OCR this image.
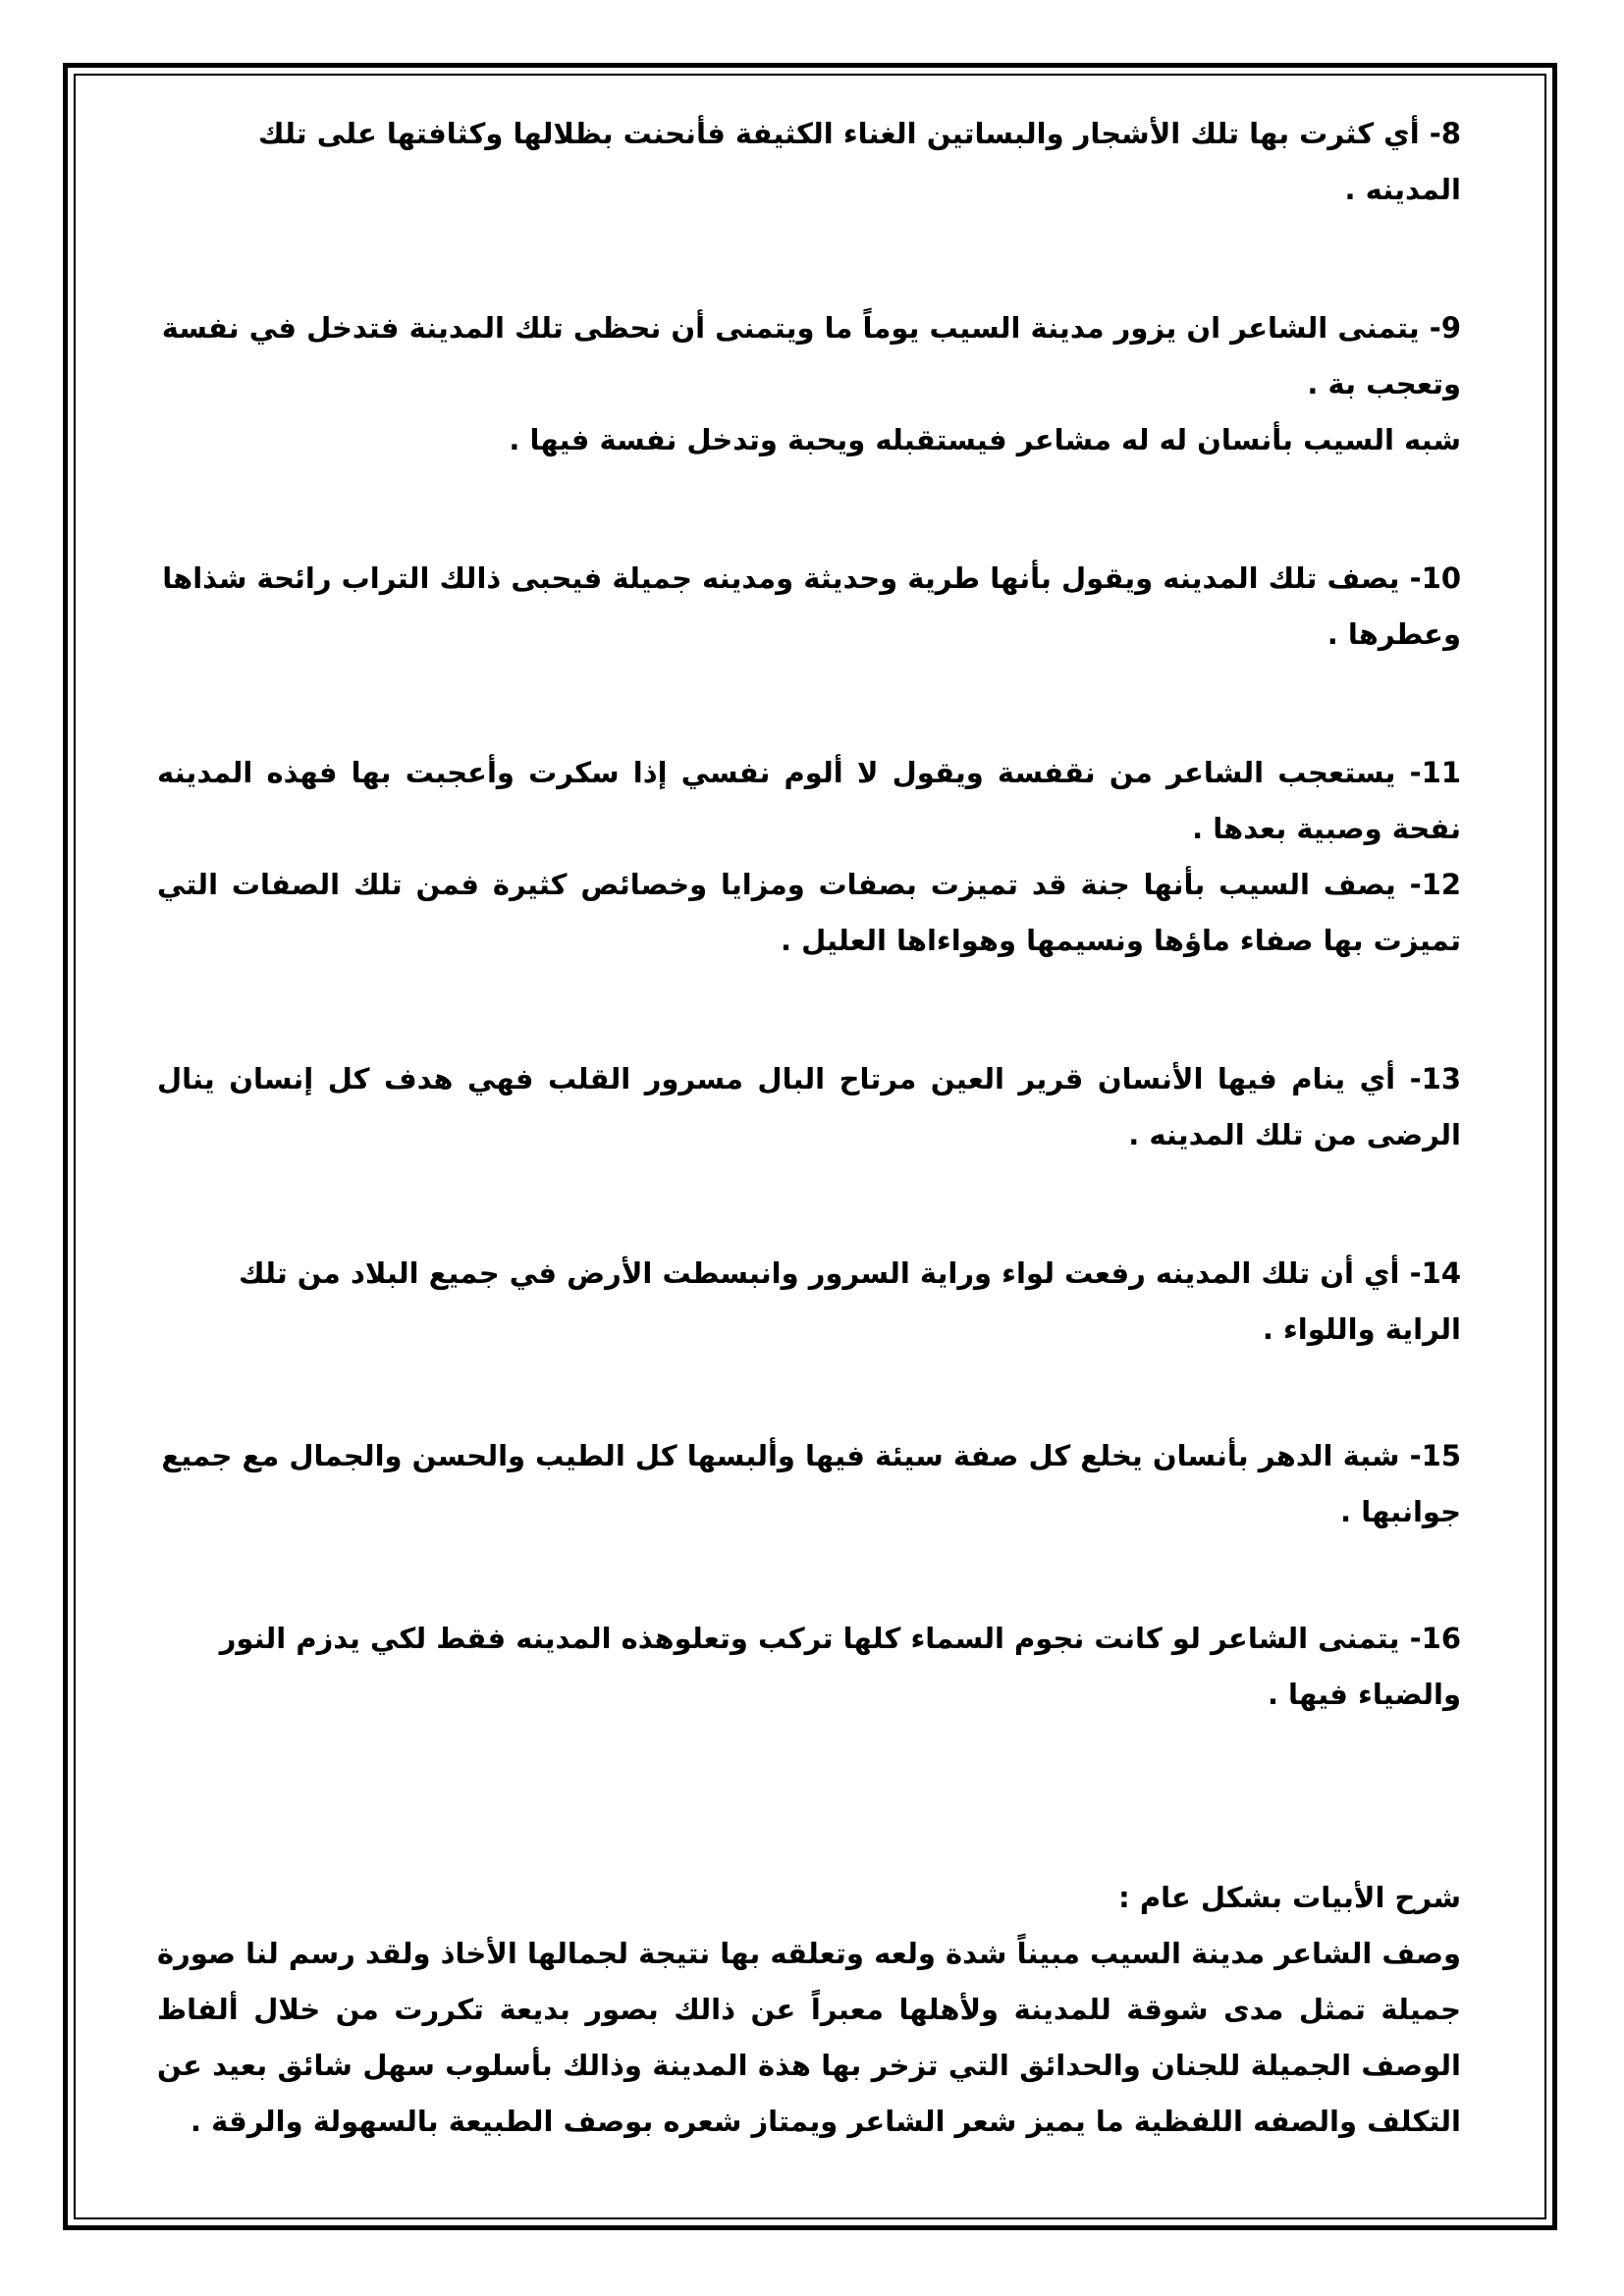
8- أي كثرت بها تلك الأشجار والبساتين الغناء الكثيفة فأنحنت بظلالها وكثافتها على تلك المدينه .

9- يتمنى الشاعر ان يزور مدينة السيب يوماً ما ويتمنى أن نحظى تلك المدينة فتدخل في نفسة وتعجب بة .

شبه السيب بأنسان له له مشاعر فيستقبله ويحبة وتدخل نفسة فيها .

10- يصف تلك المدينه ويقول بأنها طرية وحديثة ومدينه جميلة فيحبى ذالك التراب رائحة شذاها وعطرها .

11- يستعجب الشاعر من نقفسة ويقول لا ألوم نفسي إذا سكرت وأعجبت بها فهذه المدينه نفحة وصبية بعدها .

12- يصف السيب بأنها جنة قد تميزت بصفات ومزايا وخصائص كثيرة فمن تلك الصفات التي تميزت بها صفاء ماؤها ونسيمها وهواءاها العليل .

13- أي ينام فيها الأنسان قرير العين مرتاح البال مسرور القلب فهي هدف كل إنسان ينال الرضى من تلك المدينه .

14- أي أن تلك المدينه رفعت لواء وراية السرور وانبسطت الأرض في جميع البلاد من تلك الراية واللواء .

15- شبة الدهر بأنسان يخلع كل صفة سيئة فيها وألبسها كل الطيب والحسن والجمال مع جميع جوانبها .

16- يتمنى الشاعر لو كانت نجوم السماء كلها تركب وتعلوهذه المدينه فقط لكي يدزم النور والضياء فيها .

شرح الأبيات بشكل عام :

وصف الشاعر مدينة السيب مبيناً شدة ولعه وتعلقه بها نتيجة لجمالها الأخاذ ولقد رسم لنا صورة جميلة تمثل مدى شوقة للمدينة ولأهلها معبراً عن ذالك بصور بديعة تكررت من خلال ألفاظ الوصف الجميلة للجنان والحدائق التي تزخر بها هذة المدينة وذالك بأسلوب سهل شائق بعيد عن التكلف والصفه اللفظية ما يميز شعر الشاعر ويمتاز شعره بوصف الطبيعة بالسهولة والرقة .
